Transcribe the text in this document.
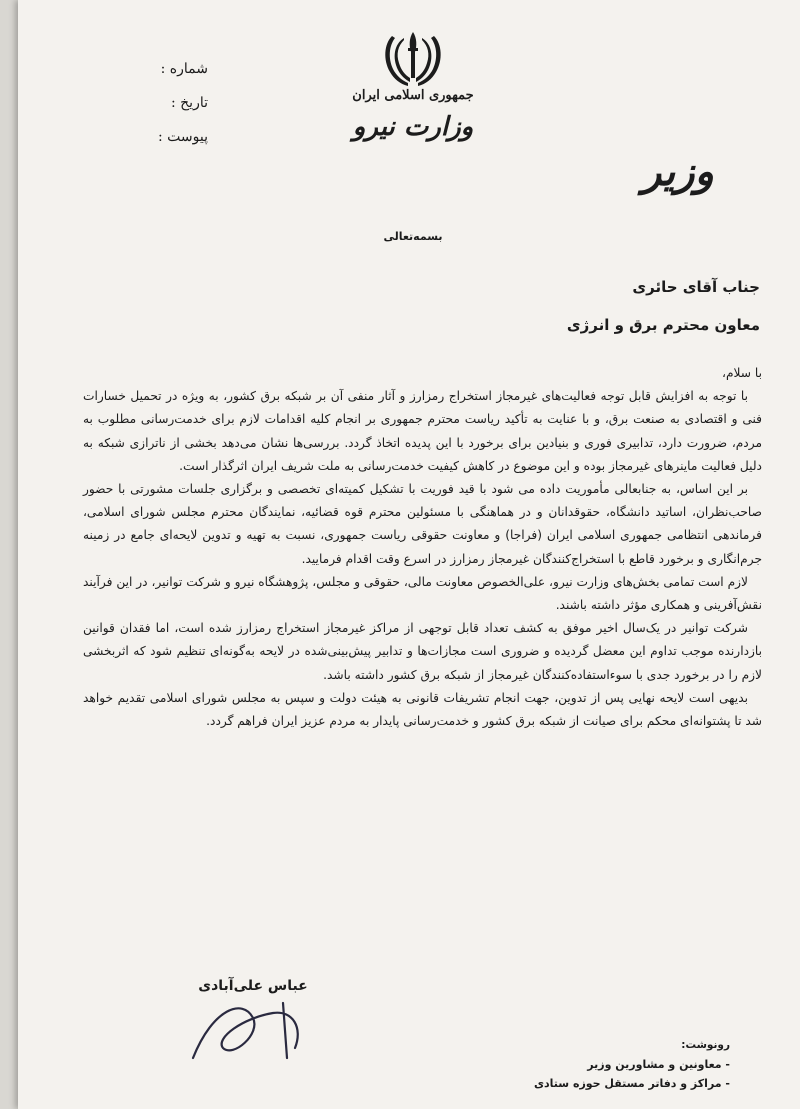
شماره :
تاریخ :
پیوست :
جمهوری اسلامی ایران
وزارت نیرو
وزیر
بسمه‌تعالی
جناب آقای حائری
معاون محترم برق و انرژی

با سلام،

با توجه به افزایش قابل توجه فعالیت‌های غیرمجاز استخراج رمزارز و آثار منفی آن بر شبکه برق کشور، به ویژه در تحمیل خسارات فنی و اقتصادی به صنعت برق، و با عنایت به تأکید ریاست محترم جمهوری بر انجام کلیه اقدامات لازم برای خدمت‌رسانی مطلوب به مردم، ضرورت دارد، تدابیری فوری و بنیادین برای برخورد با این پدیده اتخاذ گردد. بررسی‌ها نشان می‌دهد بخشی از ناترازی شبکه به دلیل فعالیت ماینرهای غیرمجاز بوده و این موضوع در کاهش کیفیت خدمت‌رسانی به ملت شریف ایران اثرگذار است.

بر این اساس، به جنابعالی مأموریت داده می شود با قید فوریت با تشکیل کمیته‌ای تخصصی و برگزاری جلسات مشورتی با حضور صاحب‌نظران، اساتید دانشگاه، حقوقدانان و در هماهنگی با مسئولین محترم قوه قضائیه، نمایندگان محترم مجلس شورای اسلامی، فرماندهی انتظامی جمهوری اسلامی ایران (فراجا) و معاونت حقوقی ریاست جمهوری، نسبت به تهیه و تدوین لایحه‌ای جامع در زمینه جرم‌انگاری و برخورد قاطع با استخراج‌کنندگان غیرمجاز رمزارز در اسرع وقت اقدام فرمایید.

لازم است تمامی بخش‌های وزارت نیرو، علی‌الخصوص معاونت مالی، حقوقی و مجلس، پژوهشگاه نیرو و شرکت توانیر، در این فرآیند نقش‌آفرینی و همکاری مؤثر داشته باشند.

شرکت توانیر در یک‌سال اخیر موفق به کشف تعداد قابل توجهی از مراکز غیرمجاز استخراج رمزارز شده است، اما فقدان قوانین بازدارنده موجب تداوم این معضل گردیده و ضروری است مجازات‌ها و تدابیر پیش‌بینی‌شده در لایحه به‌گونه‌ای تنظیم شود که اثربخشی لازم را در برخورد جدی با سوءاستفاده‌کنندگان غیرمجاز از شبکه برق کشور داشته باشد.

بدیهی است لایحه نهایی پس از تدوین، جهت انجام تشریفات قانونی به هیئت دولت و سپس به مجلس شورای اسلامی تقدیم خواهد شد تا پشتوانه‌ای محکم برای صیانت از شبکه برق کشور و خدمت‌رسانی پایدار به مردم عزیز ایران فراهم گردد.

عباس علی‌آبادی
رونوشت:
- معاونین و مشاورین وزیر
- مراکز و دفاتر مستقل حوزه ستادی
